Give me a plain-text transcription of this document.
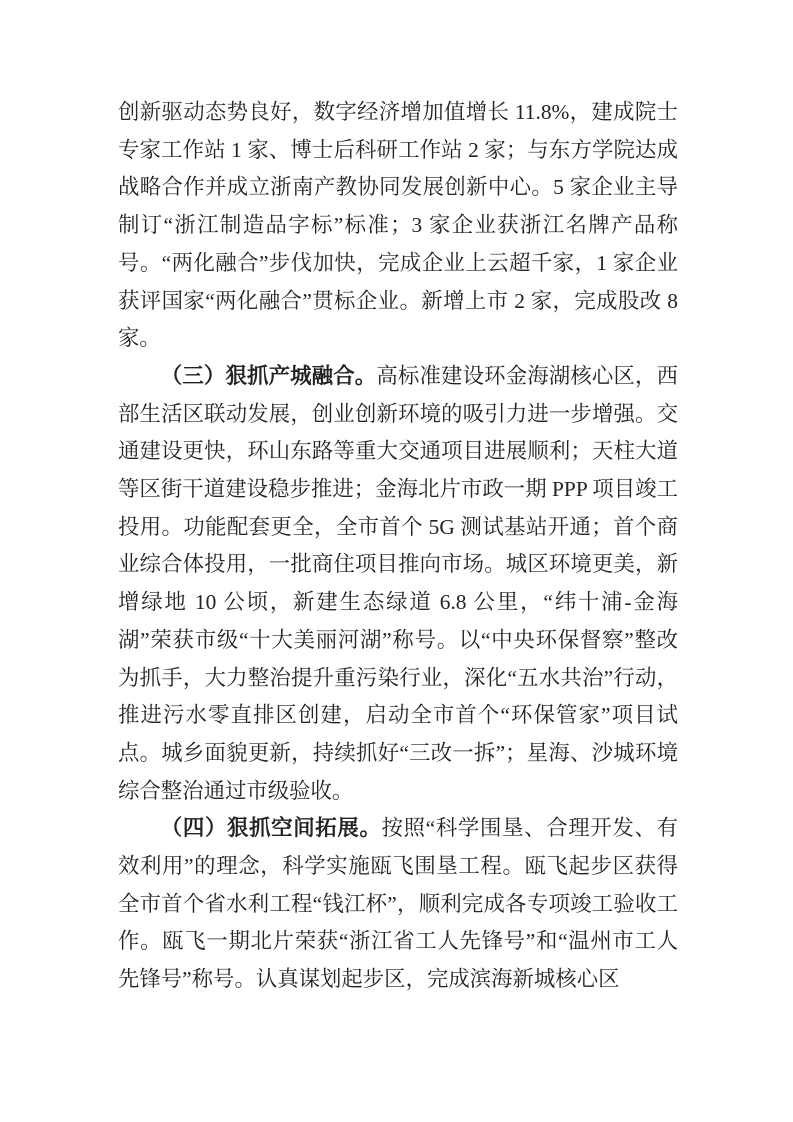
创新驱动态势良好，数字经济增加值增长 11.8%，建成院士专家工作站 1 家、博士后科研工作站 2 家；与东方学院达成战略合作并成立浙南产教协同发展创新中心。5 家企业主导制订“浙江制造品字标”标准；3 家企业获浙江名牌产品称号。“两化融合”步伐加快，完成企业上云超千家，1 家企业获评国家“两化融合”贯标企业。新增上市 2 家，完成股改 8 家。

（三）狠抓产城融合。高标准建设环金海湖核心区，西部生活区联动发展，创业创新环境的吸引力进一步增强。交通建设更快，环山东路等重大交通项目进展顺利；天柱大道等区街干道建设稳步推进；金海北片市政一期 PPP 项目竣工投用。功能配套更全，全市首个 5G 测试基站开通；首个商业综合体投用，一批商住项目推向市场。城区环境更美，新增绿地 10 公顷，新建生态绿道 6.8 公里，“纬十浦-金海湖”荣获市级“十大美丽河湖”称号。以“中央环保督察”整改为抓手，大力整治提升重污染行业，深化“五水共治”行动，推进污水零直排区创建，启动全市首个“环保管家”项目试点。城乡面貌更新，持续抓好“三改一拆”；星海、沙城环境综合整治通过市级验收。

（四）狠抓空间拓展。按照“科学围垦、合理开发、有效利用”的理念，科学实施瓯飞围垦工程。瓯飞起步区获得全市首个省水利工程“钱江杯”，顺利完成各专项竣工验收工作。瓯飞一期北片荣获“浙江省工人先锋号”和“温州市工人先锋号”称号。认真谋划起步区，完成滨海新城核心区
